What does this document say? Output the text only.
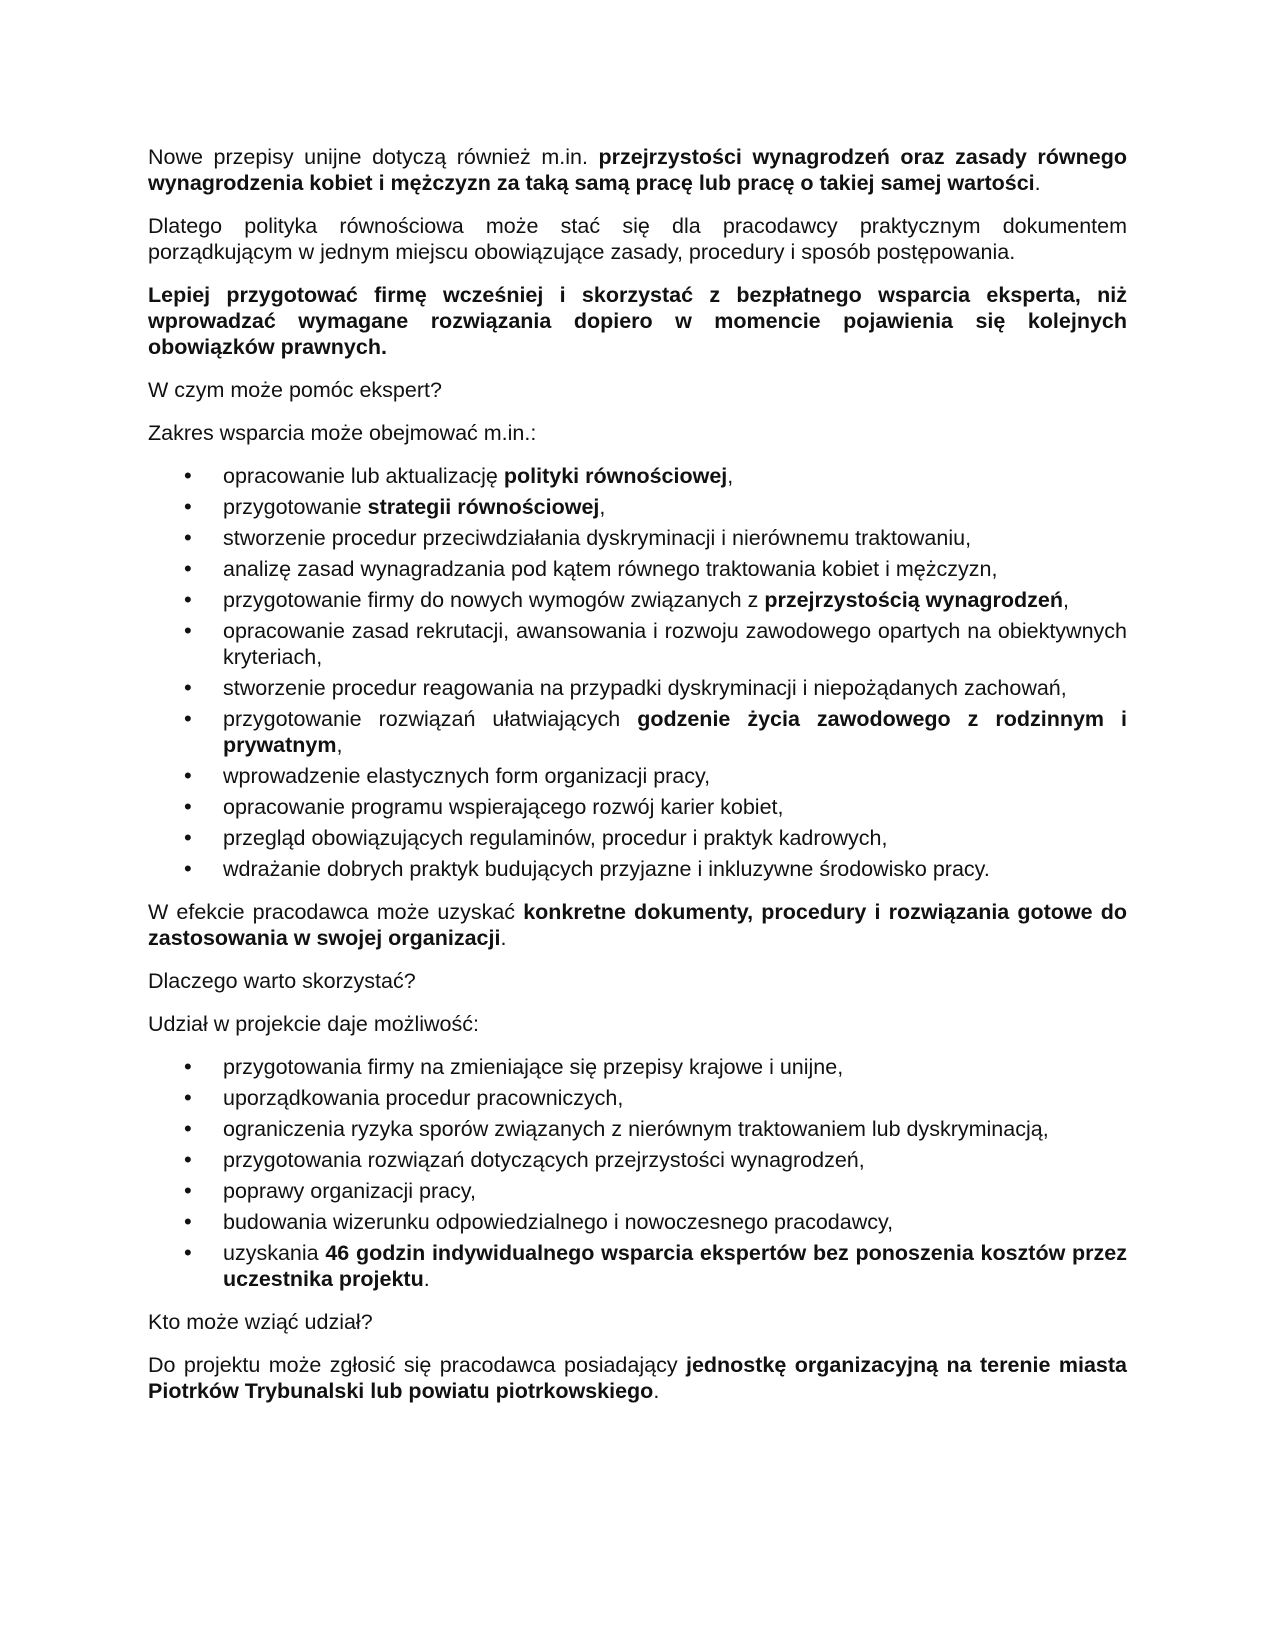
Nowe przepisy unijne dotyczą również m.in. przejrzystości wynagrodzeń oraz zasady równego wynagrodzenia kobiet i mężczyzn za taką samą pracę lub pracę o takiej samej wartości.

Dlatego polityka równościowa może stać się dla pracodawcy praktycznym dokumentem porządkującym w jednym miejscu obowiązujące zasady, procedury i sposób postępowania.

Lepiej przygotować firmę wcześniej i skorzystać z bezpłatnego wsparcia eksperta, niż wprowadzać wymagane rozwiązania dopiero w momencie pojawienia się kolejnych obowiązków prawnych.

W czym może pomóc ekspert?

Zakres wsparcia może obejmować m.in.:

• opracowanie lub aktualizację polityki równościowej,
• przygotowanie strategii równościowej,
• stworzenie procedur przeciwdziałania dyskryminacji i nierównemu traktowaniu,
• analizę zasad wynagradzania pod kątem równego traktowania kobiet i mężczyzn,
• przygotowanie firmy do nowych wymogów związanych z przejrzystością wynagrodzeń,
• opracowanie zasad rekrutacji, awansowania i rozwoju zawodowego opartych na obiektywnych kryteriach,
• stworzenie procedur reagowania na przypadki dyskryminacji i niepożądanych zachowań,
• przygotowanie rozwiązań ułatwiających godzenie życia zawodowego z rodzinnym i prywatnym,
• wprowadzenie elastycznych form organizacji pracy,
• opracowanie programu wspierającego rozwój karier kobiet,
• przegląd obowiązujących regulaminów, procedur i praktyk kadrowych,
• wdrażanie dobrych praktyk budujących przyjazne i inkluzywne środowisko pracy.

W efekcie pracodawca może uzyskać konkretne dokumenty, procedury i rozwiązania gotowe do zastosowania w swojej organizacji.

Dlaczego warto skorzystać?

Udział w projekcie daje możliwość:

• przygotowania firmy na zmieniające się przepisy krajowe i unijne,
• uporządkowania procedur pracowniczych,
• ograniczenia ryzyka sporów związanych z nierównym traktowaniem lub dyskryminacją,
• przygotowania rozwiązań dotyczących przejrzystości wynagrodzeń,
• poprawy organizacji pracy,
• budowania wizerunku odpowiedzialnego i nowoczesnego pracodawcy,
• uzyskania 46 godzin indywidualnego wsparcia ekspertów bez ponoszenia kosztów przez uczestnika projektu.

Kto może wziąć udział?

Do projektu może zgłosić się pracodawca posiadający jednostkę organizacyjną na terenie miasta Piotrków Trybunalski lub powiatu piotrkowskiego.
